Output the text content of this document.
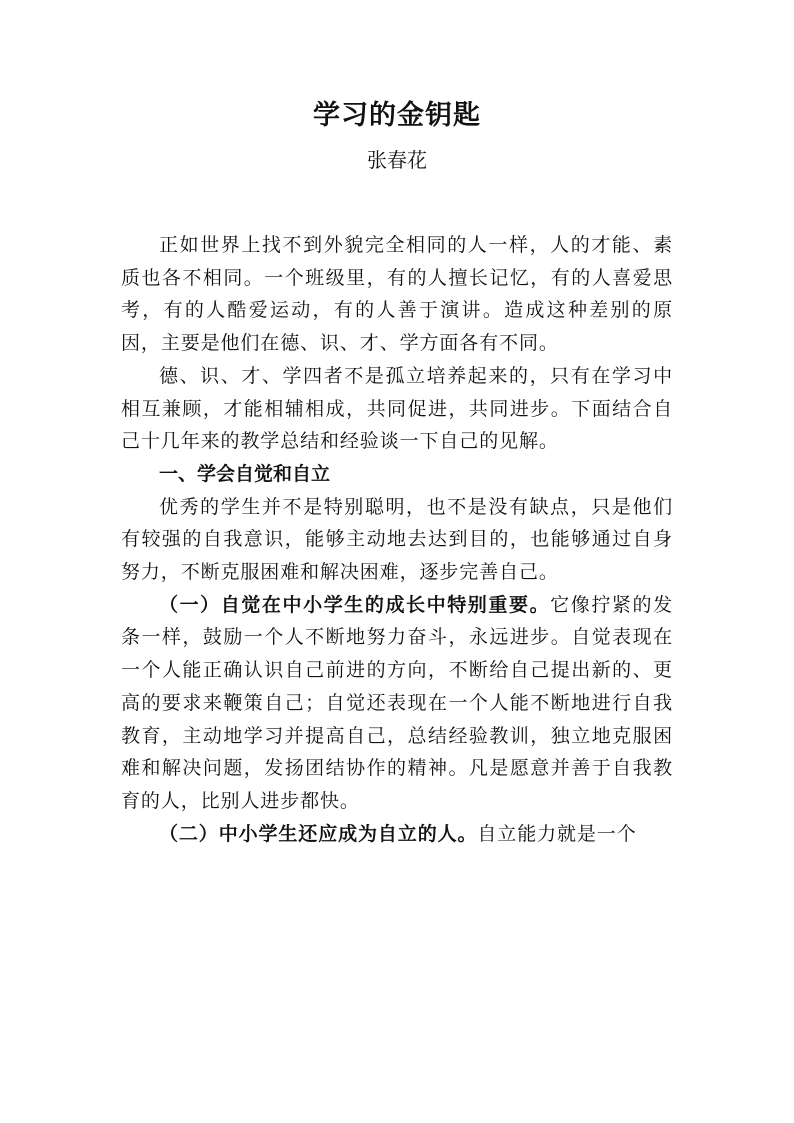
学习的金钥匙
张春花

正如世界上找不到外貌完全相同的人一样，人的才能、素质也各不相同。一个班级里，有的人擅长记忆，有的人喜爱思考，有的人酷爱运动，有的人善于演讲。造成这种差别的原因，主要是他们在德、识、才、学方面各有不同。

德、识、才、学四者不是孤立培养起来的，只有在学习中相互兼顾，才能相辅相成，共同促进，共同进步。下面结合自己十几年来的教学总结和经验谈一下自己的见解。

一、学会自觉和自立

优秀的学生并不是特别聪明，也不是没有缺点，只是他们有较强的自我意识，能够主动地去达到目的，也能够通过自身努力，不断克服困难和解决困难，逐步完善自己。

（一）自觉在中小学生的成长中特别重要。它像拧紧的发条一样，鼓励一个人不断地努力奋斗，永远进步。自觉表现在一个人能正确认识自己前进的方向，不断给自己提出新的、更高的要求来鞭策自己；自觉还表现在一个人能不断地进行自我教育，主动地学习并提高自己，总结经验教训，独立地克服困难和解决问题，发扬团结协作的精神。凡是愿意并善于自我教育的人，比别人进步都快。

（二）中小学生还应成为自立的人。自立能力就是一个
